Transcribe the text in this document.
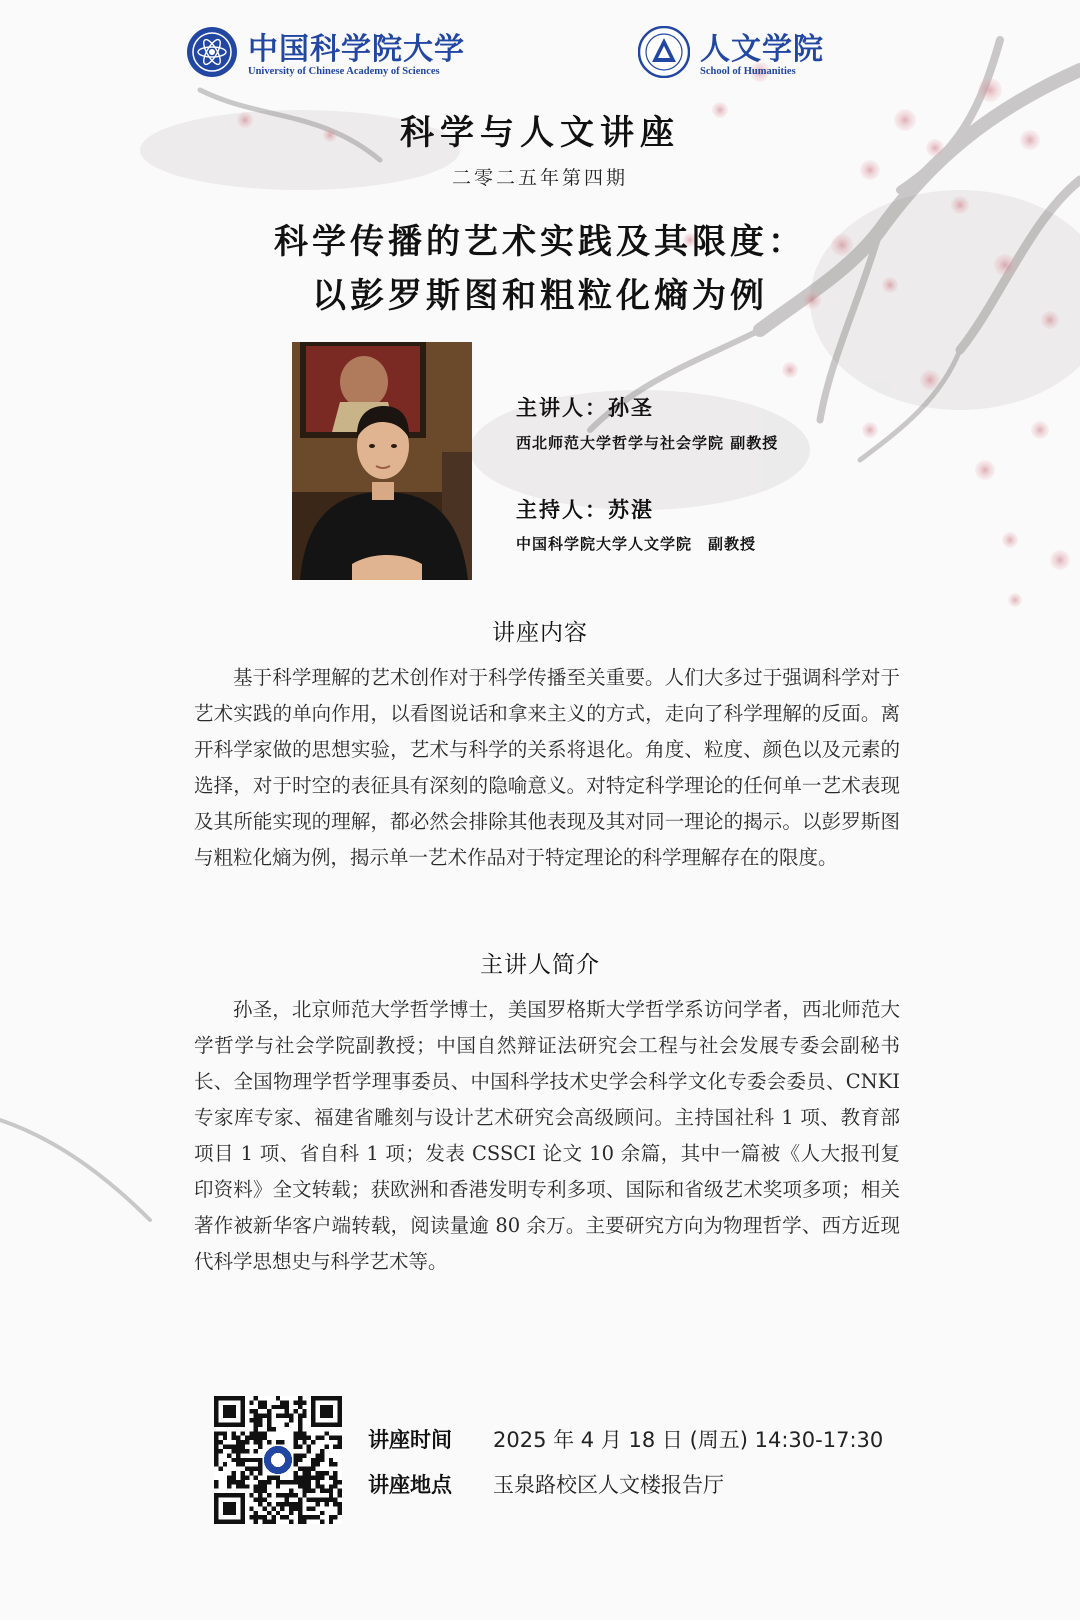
中国科学院大学
University of Chinese Academy of Sciences
人文学院
School of Humanities
科学与人文讲座
二零二五年第四期
科学传播的艺术实践及其限度：
以彭罗斯图和粗粒化熵为例
主讲人：孙圣
西北师范大学哲学与社会学院 副教授
主持人：苏湛
中国科学院大学人文学院　副教授
讲座内容
基于科学理解的艺术创作对于科学传播至关重要。人们大多过于强调科学对于艺术实践的单向作用，以看图说话和拿来主义的方式，走向了科学理解的反面。离开科学家做的思想实验，艺术与科学的关系将退化。角度、粒度、颜色以及元素的选择，对于时空的表征具有深刻的隐喻意义。对特定科学理论的任何单一艺术表现及其所能实现的理解，都必然会排除其他表现及其对同一理论的揭示。以彭罗斯图与粗粒化熵为例，揭示单一艺术作品对于特定理论的科学理解存在的限度。
主讲人简介
孙圣，北京师范大学哲学博士，美国罗格斯大学哲学系访问学者，西北师范大学哲学与社会学院副教授；中国自然辩证法研究会工程与社会发展专委会副秘书长、全国物理学哲学理事委员、中国科学技术史学会科学文化专委会委员、CNKI 专家库专家、福建省雕刻与设计艺术研究会高级顾问。主持国社科 1 项、教育部项目 1 项、省自科 1 项；发表 CSSCI 论文 10 余篇，其中一篇被《人大报刊复印资料》全文转载；获欧洲和香港发明专利多项、国际和省级艺术奖项多项；相关著作被新华客户端转载，阅读量逾 80 余万。主要研究方向为物理哲学、西方近现代科学思想史与科学艺术等。
讲座时间 2025 年 4 月 18 日 (周五) 14:30-17:30
讲座地点 玉泉路校区人文楼报告厅
